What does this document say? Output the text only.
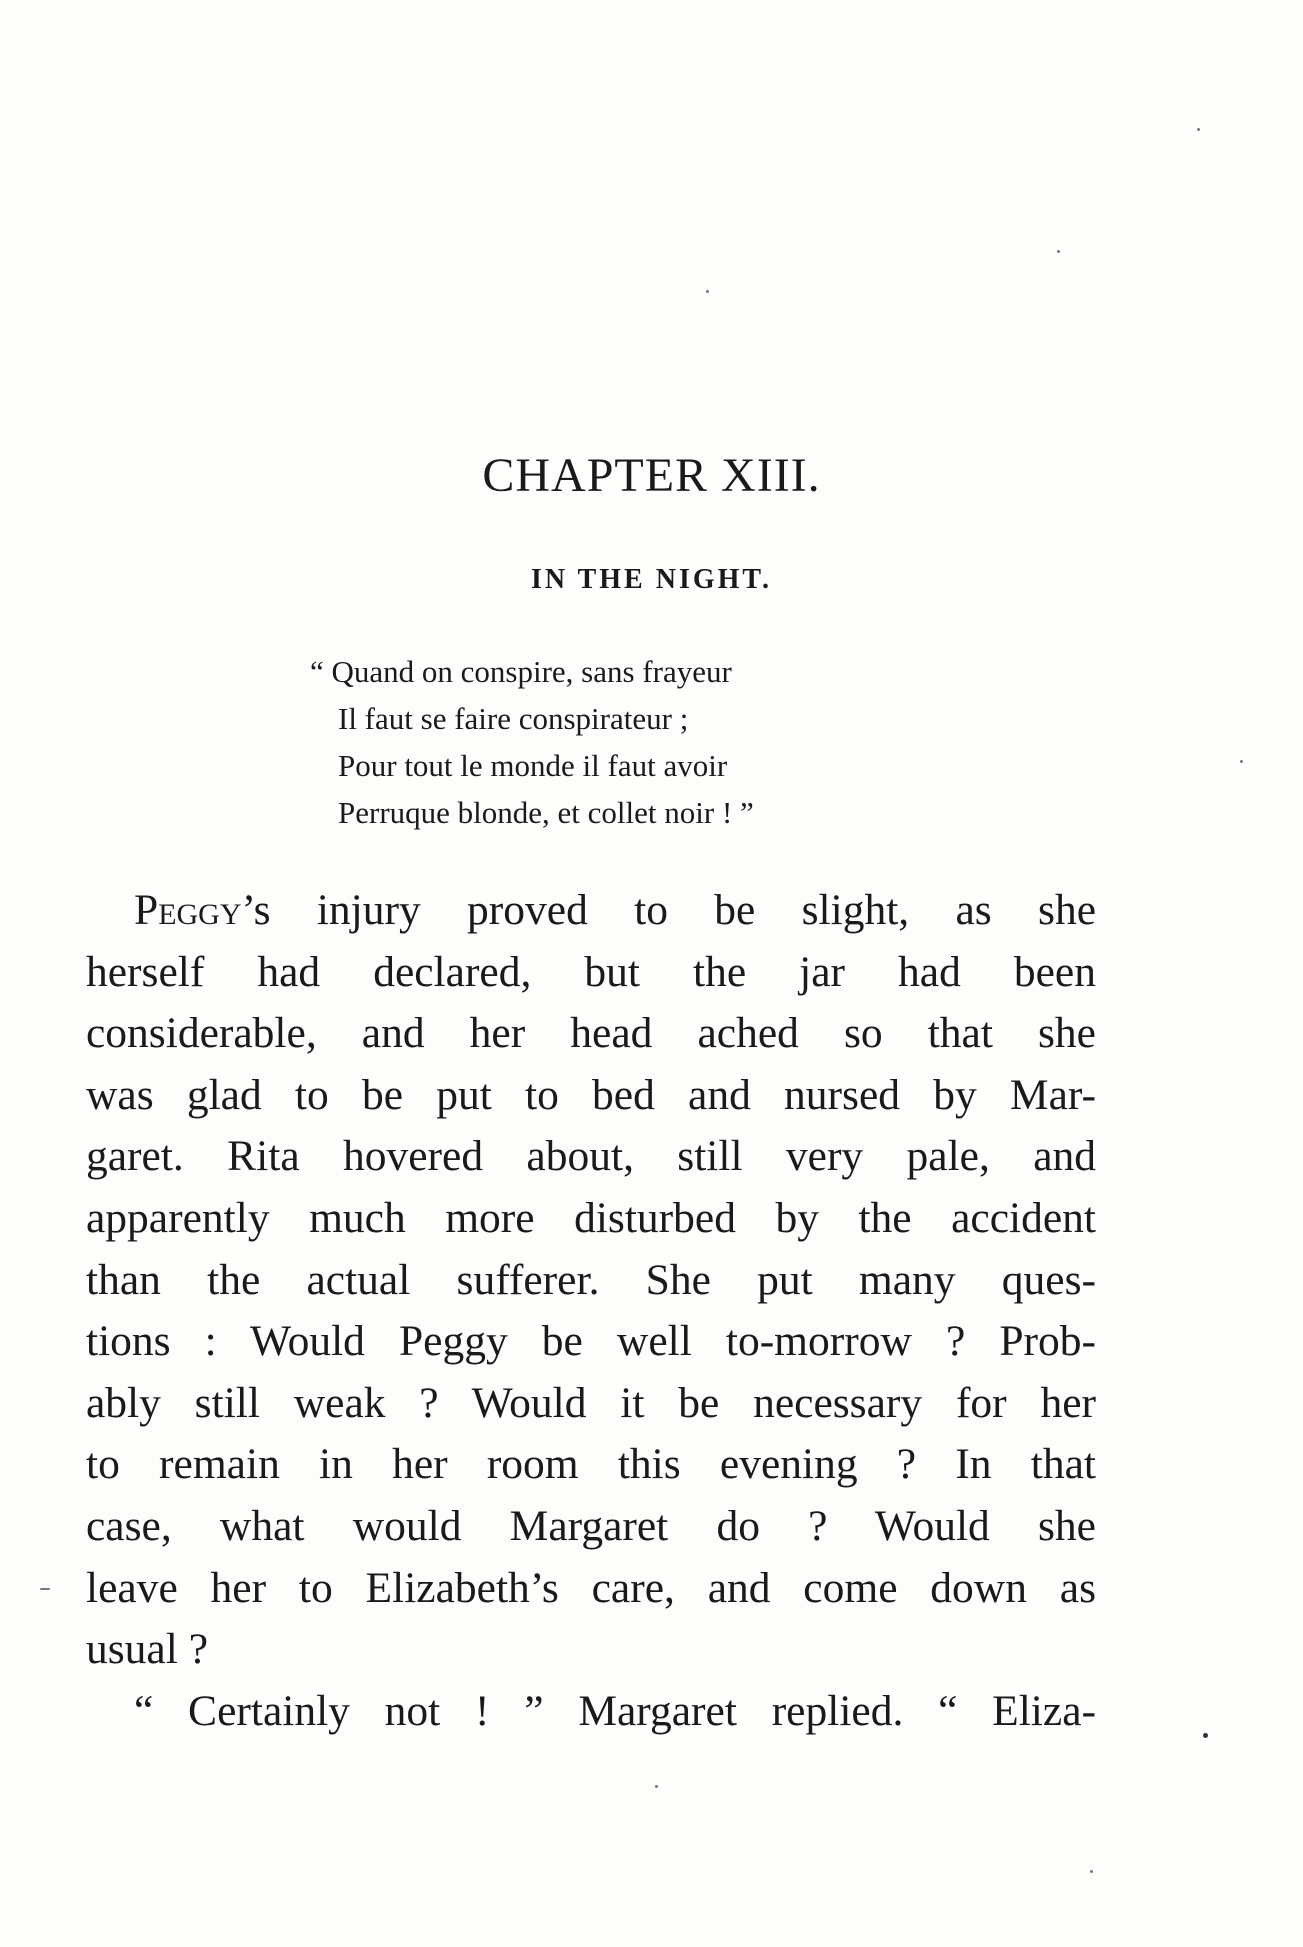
CHAPTER XIII.
IN THE NIGHT.
“ Quand on conspire, sans frayeur
Il faut se faire conspirateur ;
Pour tout le monde il faut avoir
Perruque blonde, et collet noir ! ”
Peggy’s injury proved to be slight, as she
herself had declared, but the jar had been
considerable, and her head ached so that she
was glad to be put to bed and nursed by Mar-
garet. Rita hovered about, still very pale, and
apparently much more disturbed by the accident
than the actual sufferer. She put many ques-
tions : Would Peggy be well to-morrow ? Prob-
ably still weak ? Would it be necessary for her
to remain in her room this evening ? In that
case, what would Margaret do ? Would she
leave her to Elizabeth’s care, and come down as
usual ?
“ Certainly not ! ” Margaret replied. “ Eliza-
